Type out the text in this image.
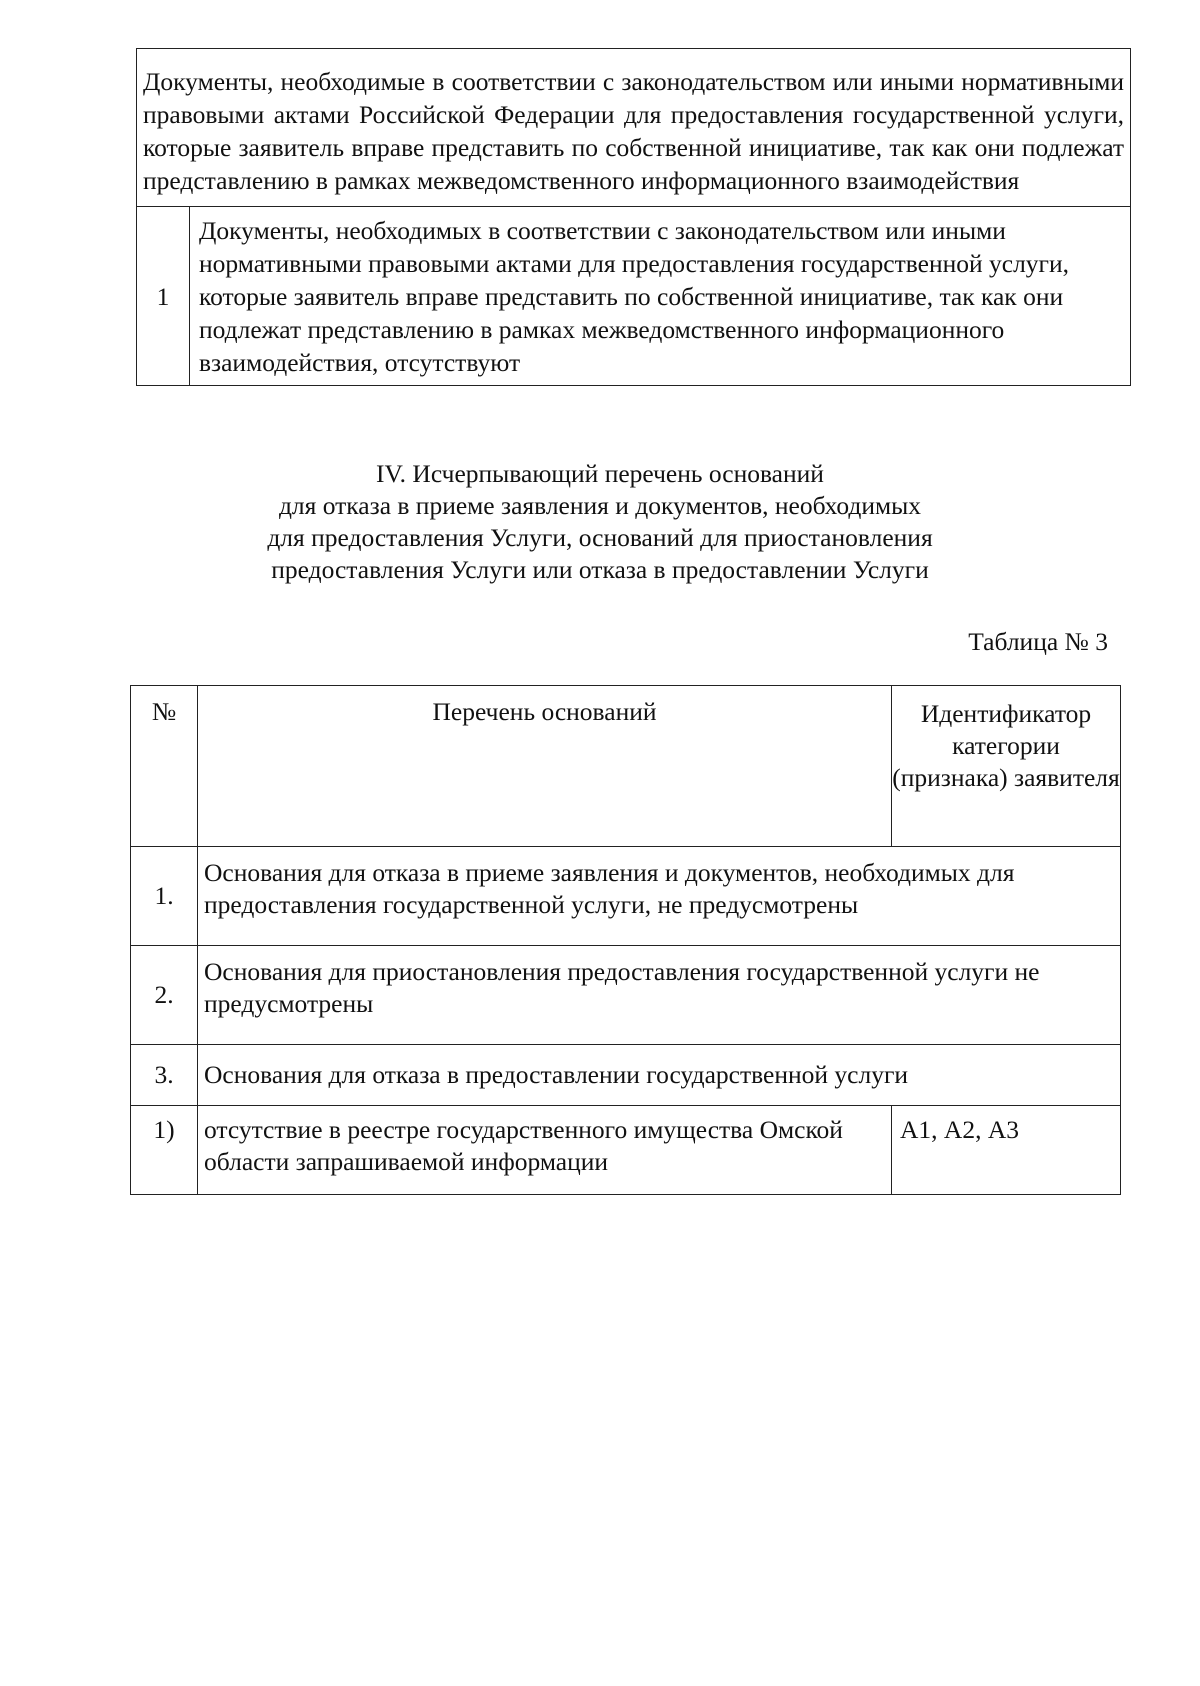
Документы, необходимые в соответствии с законодательством или иными нормативными правовыми актами Российской Федерации для предоставления государственной услуги, которые заявитель вправе представить по собственной инициативе, так как они подлежат представлению в рамках межведомственного информационного взаимодействия
1	Документы, необходимых в соответствии с законодательством или иными нормативными правовыми актами для предоставления государственной услуги, которые заявитель вправе представить по собственной инициативе, так как они подлежат представлению в рамках межведомственного информационного взаимодействия, отсутствуют
IV. Исчерпывающий перечень оснований
для отказа в приеме заявления и документов, необходимых
для предоставления Услуги, оснований для приостановления
предоставления Услуги или отказа в предоставлении Услуги
Таблица № 3
№	Перечень оснований	Идентификатор категории (признака) заявителя
1.	Основания для отказа в приеме заявления и документов, необходимых для предоставления государственной услуги, не предусмотрены	
2.	Основания для приостановления предоставления государственной услуги не предусмотрены	
3.	Основания для отказа в предоставлении государственной услуги	
1)	отсутствие в реестре государственного имущества Омской области запрашиваемой информации	А1, А2, А3
